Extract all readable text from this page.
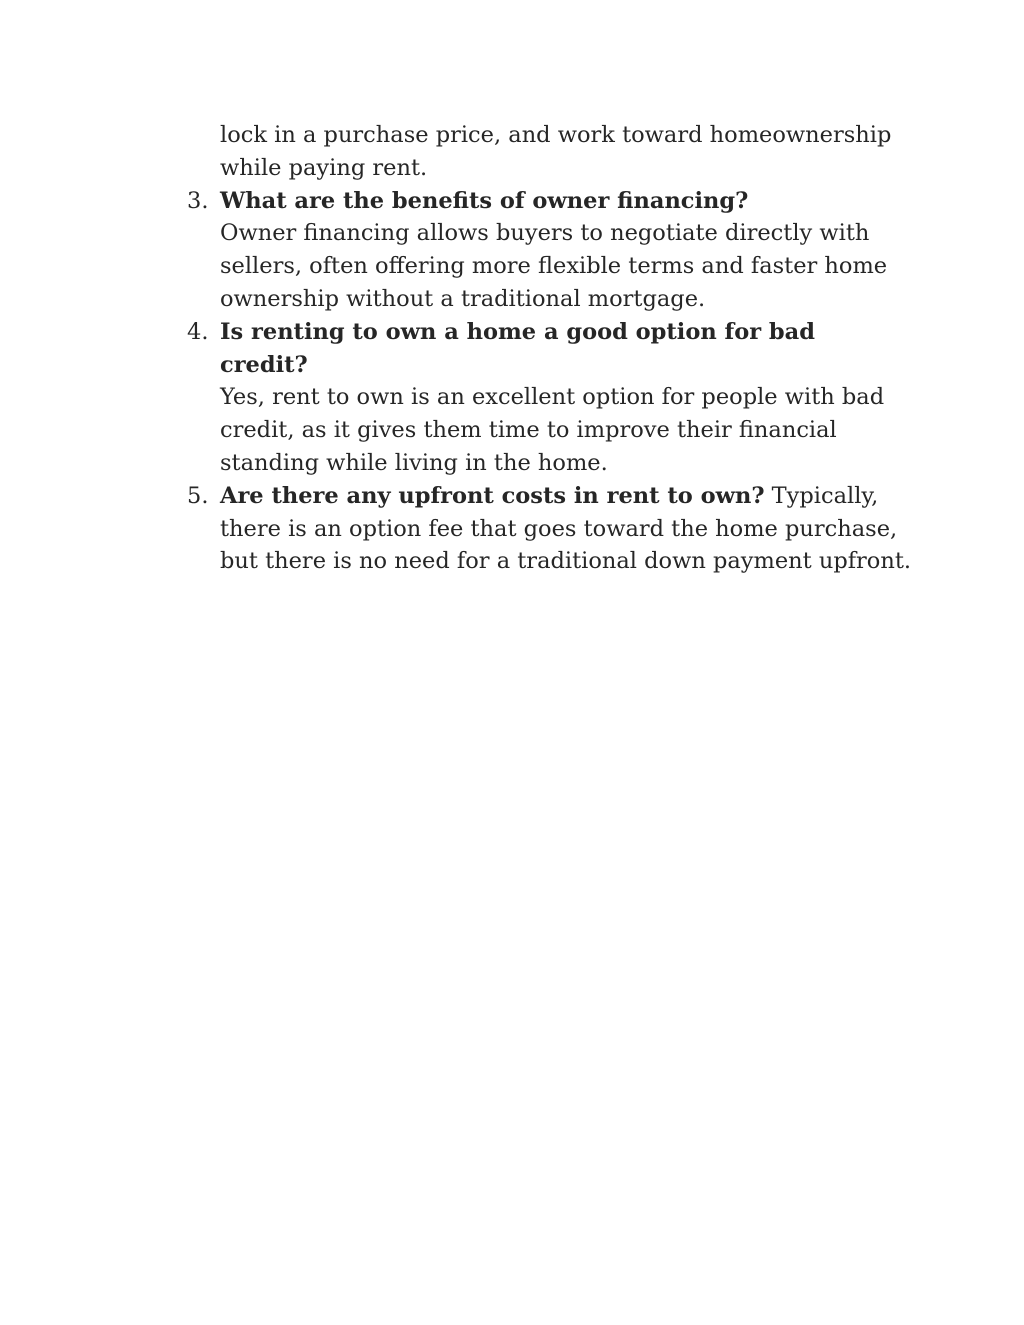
lock in a purchase price, and work toward homeownership
while paying rent.
3. What are the benefits of owner financing?
Owner financing allows buyers to negotiate directly with
sellers, often offering more flexible terms and faster home
ownership without a traditional mortgage.
4. Is renting to own a home a good option for bad
credit?
Yes, rent to own is an excellent option for people with bad
credit, as it gives them time to improve their financial
standing while living in the home.
5. Are there any upfront costs in rent to own? Typically,
there is an option fee that goes toward the home purchase,
but there is no need for a traditional down payment upfront.
